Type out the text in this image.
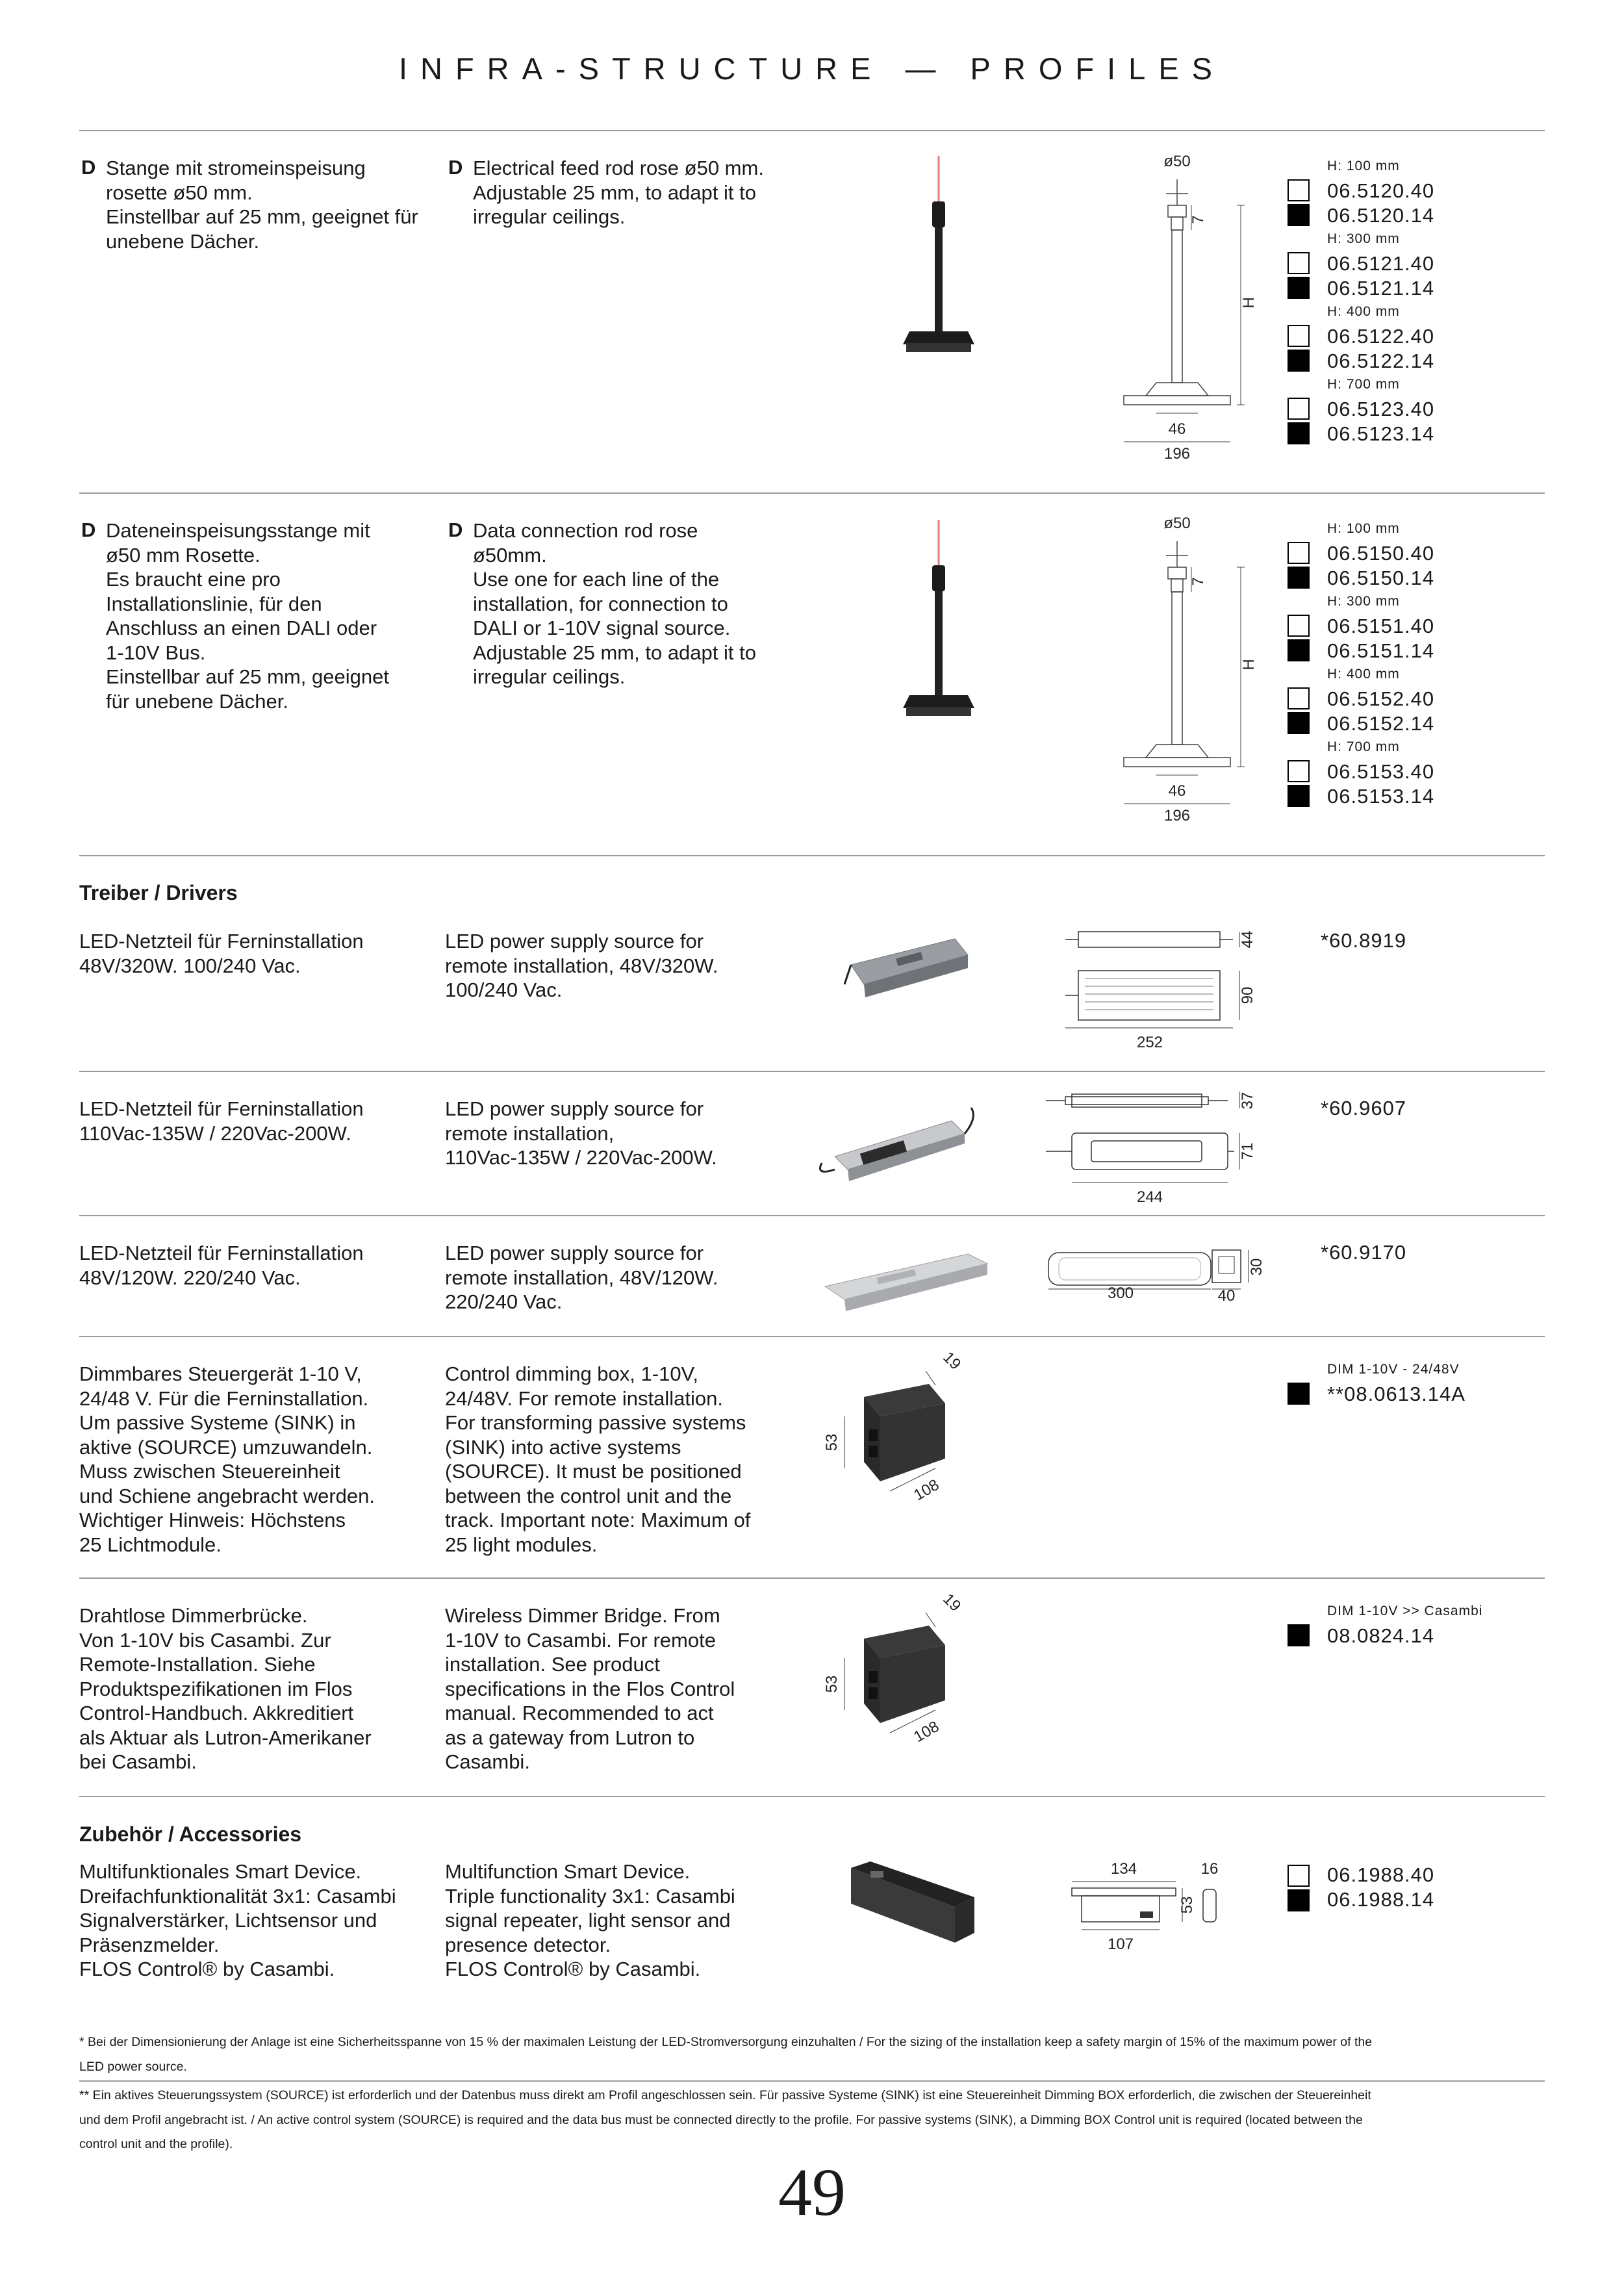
INFRA-STRUCTURE — PROFILES
D Stange mit stromeinspeisung
rosette ø50 mm.
Einstellbar auf 25 mm, geeignet für
unebene Dächer.
D Electrical feed rod rose ø50 mm.
Adjustable 25 mm, to adapt it to
irregular ceilings.
ø50
7
H
46
196
H: 100 mm
06.5120.40
06.5120.14
H: 300 mm
06.5121.40
06.5121.14
H: 400 mm
06.5122.40
06.5122.14
H: 700 mm
06.5123.40
06.5123.14
D Dateneinspeisungsstange mit
ø50 mm Rosette.
Es braucht eine pro
Installationslinie, für den
Anschluss an einen DALI oder
1-10V Bus.
Einstellbar auf 25 mm, geeignet
für unebene Dächer.
D Data connection rod rose
ø50mm.
Use one for each line of the
installation, for connection to
DALI or 1-10V signal source.
Adjustable 25 mm, to adapt it to
irregular ceilings.
ø50
7
H
46
196
H: 100 mm
06.5150.40
06.5150.14
H: 300 mm
06.5151.40
06.5151.14
H: 400 mm
06.5152.40
06.5152.14
H: 700 mm
06.5153.40
06.5153.14
Treiber / Drivers
LED-Netzteil für Ferninstallation
48V/320W. 100/240 Vac.
LED power supply source for
remote installation, 48V/320W.
100/240 Vac.
44
90
252
*60.8919
LED-Netzteil für Ferninstallation
110Vac-135W / 220Vac-200W.
LED power supply source for
remote installation,
110Vac-135W / 220Vac-200W.
37
71
244
*60.9607
LED-Netzteil für Ferninstallation
48V/120W. 220/240 Vac.
LED power supply source for
remote installation, 48V/120W.
220/240 Vac.
30
300	40
*60.9170
Dimmbares Steuergerät 1-10 V,
24/48 V. Für die Ferninstallation.
Um passive Systeme (SINK) in
aktive (SOURCE) umzuwandeln.
Muss zwischen Steuereinheit
und Schiene angebracht werden.
Wichtiger Hinweis: Höchstens
25 Lichtmodule.
Control dimming box, 1-10V,
24/48V. For remote installation.
For transforming passive systems
(SINK) into active systems
(SOURCE). It must be positioned
between the control unit and the
track. Important note: Maximum of
25 light modules.
19
53
108
DIM 1-10V - 24/48V
**08.0613.14A
Drahtlose Dimmerbrücke.
Von 1-10V bis Casambi. Zur
Remote-Installation. Siehe
Produktspezifikationen im Flos
Control-Handbuch. Akkreditiert
als Aktuar als Lutron-Amerikaner
bei Casambi.
Wireless Dimmer Bridge. From
1-10V to Casambi. For remote
installation. See product
specifications in the Flos Control
manual. Recommended to act
as a gateway from Lutron to
Casambi.
19
53
108
DIM 1-10V >> Casambi
08.0824.14
Zubehör / Accessories
Multifunktionales Smart Device.
Dreifachfunktionalität 3x1: Casambi
Signalverstärker, Lichtsensor und
Präsenzmelder.
FLOS Control® by Casambi.
Multifunction Smart Device.
Triple functionality 3x1: Casambi
signal repeater, light sensor and
presence detector.
FLOS Control® by Casambi.
134
53
16
107
06.1988.40
06.1988.14
* Bei der Dimensionierung der Anlage ist eine Sicherheitsspanne von 15 % der maximalen Leistung der LED-Stromversorgung einzuhalten / For the sizing of the installation keep a safety margin of 15% of the maximum power of the
LED power source.
** Ein aktives Steuerungssystem (SOURCE) ist erforderlich und der Datenbus muss direkt am Profil angeschlossen sein. Für passive Systeme (SINK) ist eine Steuereinheit Dimming BOX erforderlich, die zwischen der Steuereinheit
und dem Profil angebracht ist. / An active control system (SOURCE) is required and the data bus must be connected directly to the profile. For passive systems (SINK), a Dimming BOX Control unit is required (located between the
control unit and the profile).
49
